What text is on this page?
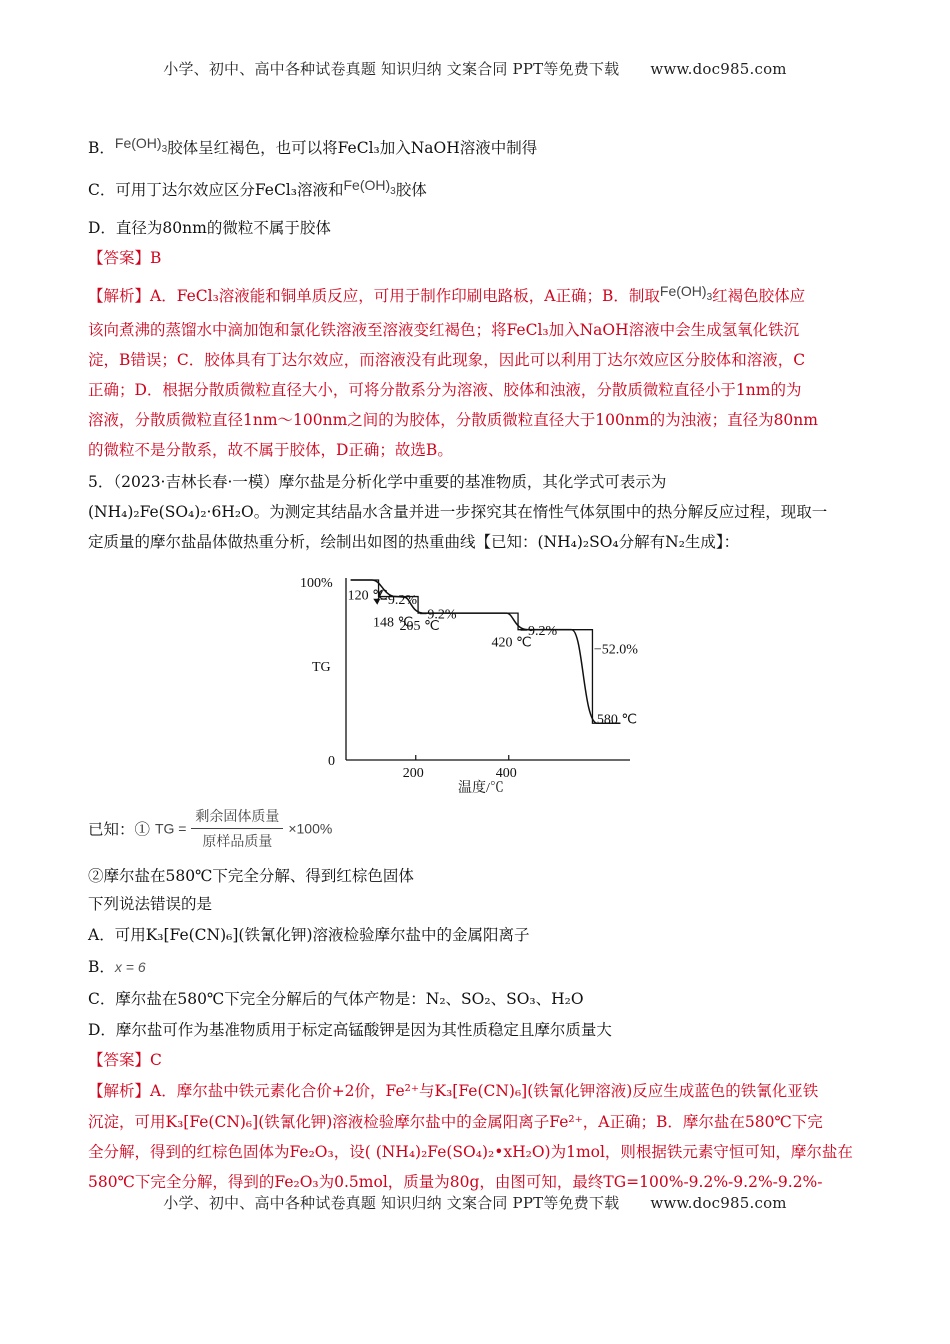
小学、初中、高中各种试卷真题 知识归纳 文案合同 PPT等免费下载 www.doc985.com
B．$Fe(OH)_3$胶体呈红褐色，也可以将FeCl₃加入NaOH溶液中制得
C．可用丁达尔效应区分FeCl₃溶液和$Fe(OH)_3$胶体
D．直径为80nm的微粒不属于胶体
【答案】B
【解析】A．FeCl₃溶液能和铜单质反应，可用于制作印刷电路板，A正确；B．制取$Fe(OH)_3$红褐色胶体应
该向煮沸的蒸馏水中滴加饱和氯化铁溶液至溶液变红褐色；将FeCl₃加入NaOH溶液中会生成氢氧化铁沉
淀，B错误；C．胶体具有丁达尔效应，而溶液没有此现象，因此可以利用丁达尔效应区分胶体和溶液，C
正确；D．根据分散质微粒直径大小，可将分散系分为溶液、胶体和浊液，分散质微粒直径小于1nm的为
溶液，分散质微粒直径1nm～100nm之间的为胶体，分散质微粒直径大于100nm的为浊液；直径为80nm
的微粒不是分散系，故不属于胶体，D正确；故选B。
5．（2023·吉林长春·一模）摩尔盐是分析化学中重要的基准物质，其化学式可表示为
(NH₄)₂Fe(SO₄)₂·6H₂O。为测定其结晶水含量并进一步探究其在惰性气体氛围中的热分解反应过程，现取一
定质量的摩尔盐晶体做热重分析，绘制出如图的热重曲线【已知：(NH₄)₂SO₄分解有N₂生成】：
100%
0
TG
温度/℃
200	400
−9.2%
−9.2%
−9.2%
−52.0%
120 ℃
148 ℃
205 ℃
420 ℃
580 ℃
已知：① TG = $\frac{\text{剩余固体质量}}{\text{原样品质量}} \times 100\%$
②摩尔盐在580℃下完全分解、得到红棕色固体
下列说法错误的是
A．可用K₃[Fe(CN)₆](铁氰化钾)溶液检验摩尔盐中的金属阳离子
B．x = 6
C．摩尔盐在580℃下完全分解后的气体产物是：N₂、SO₂、SO₃、H₂O
D．摩尔盐可作为基准物质用于标定高锰酸钾是因为其性质稳定且摩尔质量大
【答案】C
【解析】A．摩尔盐中铁元素化合价+2价，Fe²⁺与K₃[Fe(CN)₆](铁氰化钾溶液)反应生成蓝色的铁氰化亚铁
沉淀，可用K₃[Fe(CN)₆](铁氰化钾)溶液检验摩尔盐中的金属阳离子Fe²⁺，A正确；B．摩尔盐在580℃下完
全分解，得到的红棕色固体为Fe₂O₃，设( (NH₄)₂Fe(SO₄)₂•xH₂O)为1mol，则根据铁元素守恒可知，摩尔盐在
580℃下完全分解，得到的Fe₂O₃为0.5mol，质量为80g，由图可知，最终TG=100%-9.2%-9.2%-9.2%-
小学、初中、高中各种试卷真题 知识归纳 文案合同 PPT等免费下载 www.doc985.com
